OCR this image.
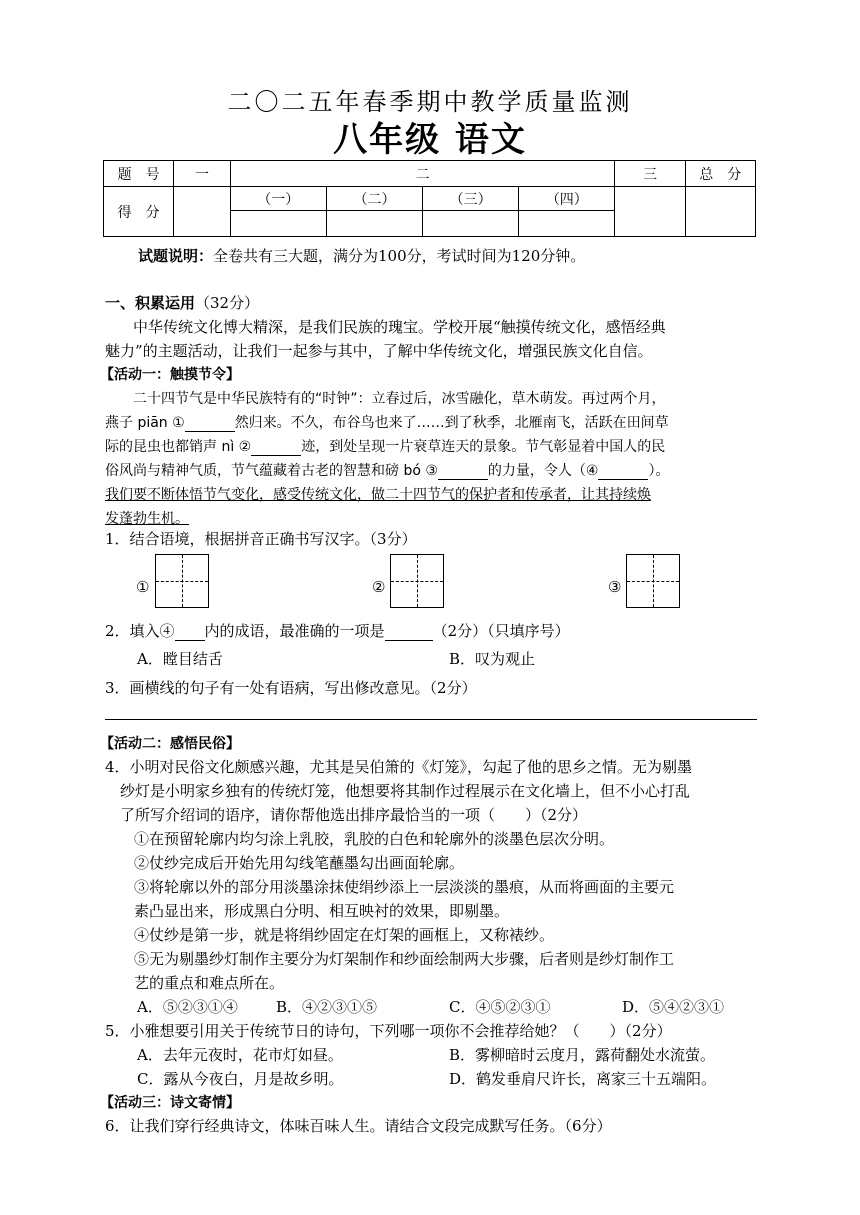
二〇二五年春季期中教学质量监测
八年级 语文
题　号	一	二				三	总　分
得　分		（一）	（二）	（三）	（四）		

试题说明：全卷共有三大题，满分为100分，考试时间为120分钟。
一、积累运用（32分）
中华传统文化博大精深，是我们民族的瑰宝。学校开展“触摸传统文化，感悟经典
魅力”的主题活动，让我们一起参与其中，了解中华传统文化，增强民族文化自信。
【活动一：触摸节令】
二十四节气是中华民族特有的“时钟”：立春过后，冰雪融化，草木萌发。再过两个月，
燕子 piān ①	然归来。不久，布谷鸟也来了……到了秋季，北雁南飞，活跃在田间草
际的昆虫也都销声 nì ②	迹，到处呈现一片衰草连天的景象。节气彰显着中国人的民
俗风尚与精神气质，节气蕴藏着古老的智慧和磅 bó ③	的力量，令人（④	）。
我们要不断体悟节气变化，感受传统文化，做二十四节气的保护者和传承者，让其持续焕
发蓬勃生机。
1．结合语境，根据拼音正确书写汉字。（3分）
①	②	③
2．填入④ 内的成语，最准确的一项是	（2分）（只填序号）
A．瞠目结舌	B．叹为观止
3．画横线的句子有一处有语病，写出修改意见。（2分）
【活动二：感悟民俗】
4．小明对民俗文化颇感兴趣，尤其是吴伯箫的《灯笼》，勾起了他的思乡之情。无为剔墨
纱灯是小明家乡独有的传统灯笼，他想要将其制作过程展示在文化墙上，但不小心打乱
了所写介绍词的语序，请你帮他选出排序最恰当的一项（　　）（2分）
①在预留轮廓内均匀涂上乳胶，乳胶的白色和轮廓外的淡墨色层次分明。
②仗纱完成后开始先用勾线笔蘸墨勾出画面轮廓。
③将轮廓以外的部分用淡墨涂抹使绢纱添上一层淡淡的墨痕，从而将画面的主要元
素凸显出来，形成黑白分明、相互映衬的效果，即剔墨。
④仗纱是第一步，就是将绢纱固定在灯架的画框上，又称裱纱。
⑤无为剔墨纱灯制作主要分为灯架制作和纱面绘制两大步骤，后者则是纱灯制作工
艺的重点和难点所在。
A．⑤②③①④	B．④②③①⑤	C．④⑤②③①	D．⑤④②③①
5．小雅想要引用关于传统节日的诗句，下列哪一项你不会推荐给她？（　　）（2分）
A．去年元夜时，花市灯如昼。	B．雾柳暗时云度月，露荷翻处水流萤。
C．露从今夜白，月是故乡明。	D．鹤发垂肩尺许长，离家三十五端阳。
【活动三：诗文寄情】
6．让我们穿行经典诗文，体味百味人生。请结合文段完成默写任务。（6分）
